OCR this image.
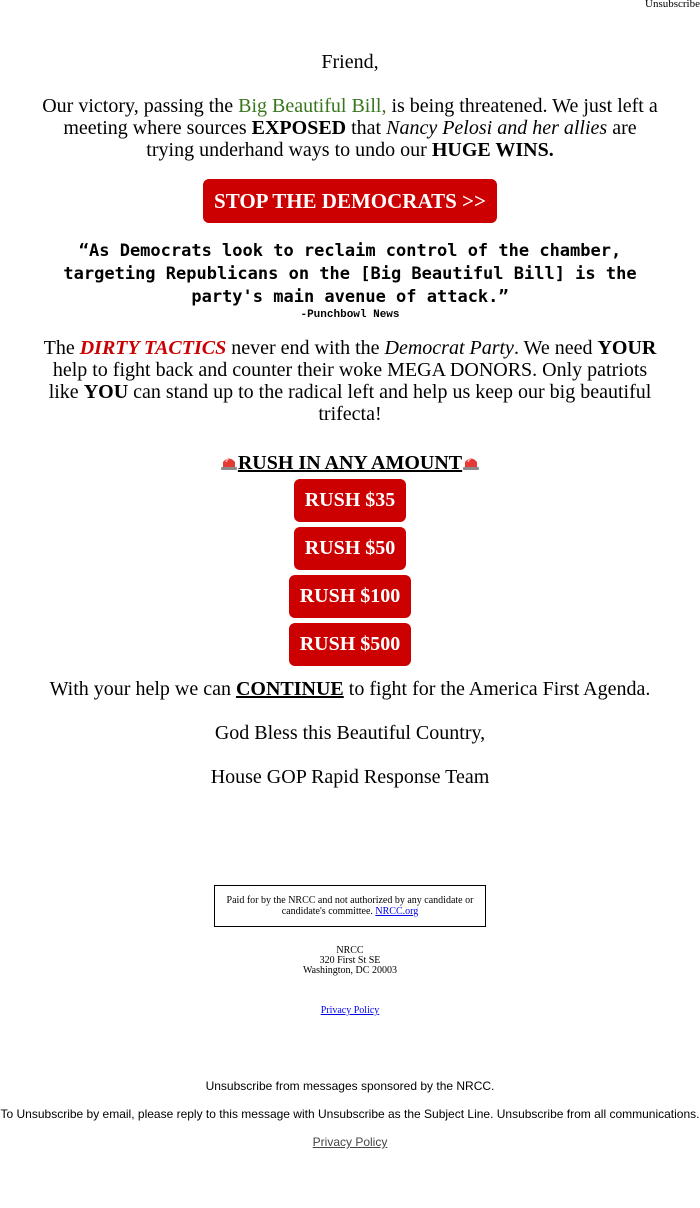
Unsubscribe

Friend,

Our victory, passing the Big Beautiful Bill, is being threatened. We just left a meeting where sources EXPOSED that Nancy Pelosi and her allies are trying underhand ways to undo our HUGE WINS.

STOP THE DEMOCRATS >>
“As Democrats look to reclaim control of the chamber, targeting Republicans on the [Big Beautiful Bill] is the party's main avenue of attack.”
-Punchbowl News

The DIRTY TACTICS never end with the Democrat Party. We need YOUR help to fight back and counter their woke MEGA DONORS. Only patriots like YOU can stand up to the radical left and help us keep our big beautiful trifecta!

RUSH IN ANY AMOUNT
RUSH $35
RUSH $50
RUSH $100
RUSH $500

With your help we can CONTINUE to fight for the America First Agenda.

God Bless this Beautiful Country,

House GOP Rapid Response Team

Paid for by the NRCC and not authorized by any candidate or candidate's committee. NRCC.org
NRCC
320 First St SE
Washington, DC 20003
Privacy Policy

Unsubscribe from messages sponsored by the NRCC.

To Unsubscribe by email, please reply to this message with Unsubscribe as the Subject Line. Unsubscribe from all communications.

Privacy Policy
